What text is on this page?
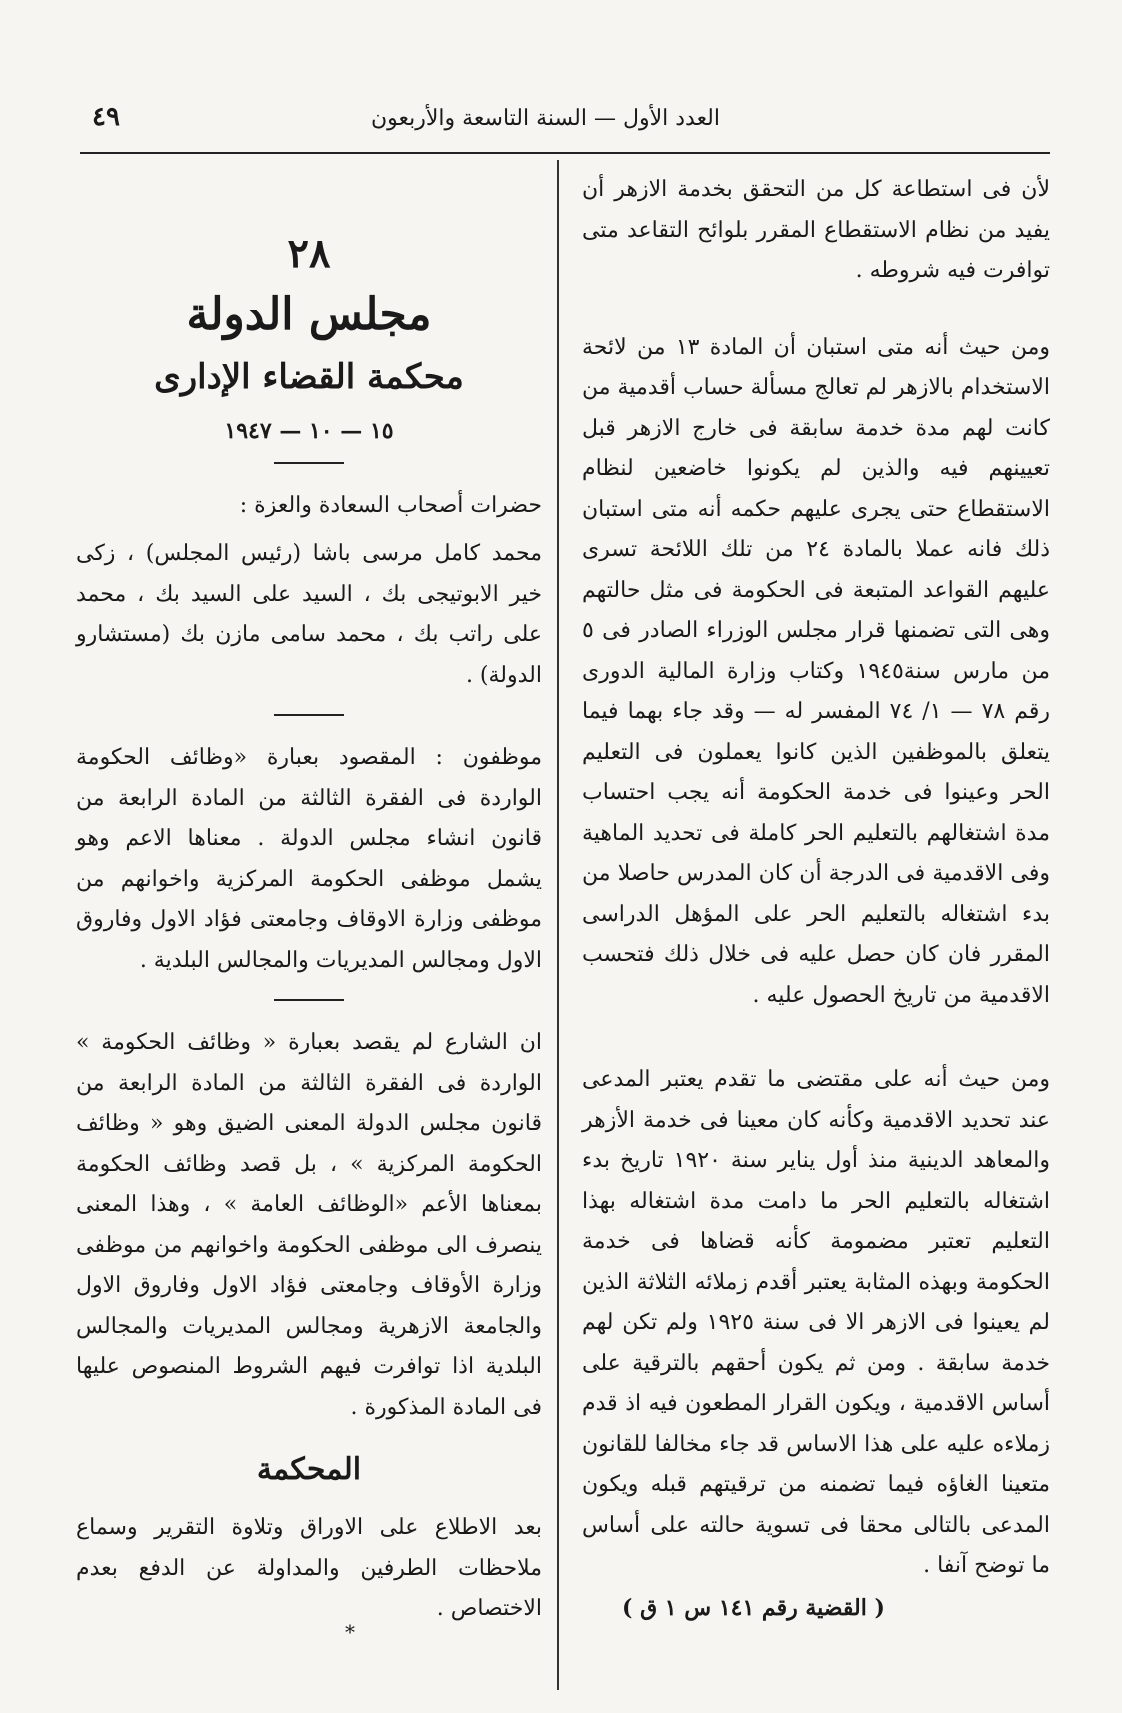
العدد الأول — السنة التاسعة والأربعون
٤٩

لأن فى استطاعة كل من التحقق بخدمة الازهر أن يفيد من نظام الاستقطاع المقرر بلوائح التقاعد متى توافرت فيه شروطه .

ومن حيث أنه متى استبان أن المادة ١٣ من لائحة الاستخدام بالازهر لم تعالج مسألة حساب أقدمية من كانت لهم مدة خدمة سابقة فى خارج الازهر قبل تعيينهم فيه والذين لم يكونوا خاضعين لنظام الاستقطاع حتى يجرى عليهم حكمه أنه متى استبان ذلك فانه عملا بالمادة ٢٤ من تلك اللائحة تسرى عليهم القواعد المتبعة فى الحكومة فى مثل حالتهم وهى التى تضمنها قرار مجلس الوزراء الصادر فى ٥ من مارس سنة١٩٤٥ وكتاب وزارة المالية الدورى رقم ٧٨ — ١/ ٧٤ المفسر له — وقد جاء بهما فيما يتعلق بالموظفين الذين كانوا يعملون فى التعليم الحر وعينوا فى خدمة الحكومة أنه يجب احتساب مدة اشتغالهم بالتعليم الحر كاملة فى تحديد الماهية وفى الاقدمية فى الدرجة أن كان المدرس حاصلا من بدء اشتغاله بالتعليم الحر على المؤهل الدراسى المقرر فان كان حصل عليه فى خلال ذلك فتحسب الاقدمية من تاريخ الحصول عليه .

ومن حيث أنه على مقتضى ما تقدم يعتبر المدعى عند تحديد الاقدمية وكأنه كان معينا فى خدمة الأزهر والمعاهد الدينية منذ أول يناير سنة ١٩٢٠ تاريخ بدء اشتغاله بالتعليم الحر ما دامت مدة اشتغاله بهذا التعليم تعتبر مضمومة كأنه قضاها فى خدمة الحكومة وبهذه المثابة يعتبر أقدم زملائه الثلاثة الذين لم يعينوا فى الازهر الا فى سنة ١٩٢٥ ولم تكن لهم خدمة سابقة . ومن ثم يكون أحقهم بالترقية على أساس الاقدمية ، ويكون القرار المطعون فيه اذ قدم زملاءه عليه على هذا الاساس قد جاء مخالفا للقانون متعينا الغاؤه فيما تضمنه من ترقيتهم قبله ويكون المدعى بالتالى محقا فى تسوية حالته على أساس ما توضح آنفا .

( القضية رقم ١٤١ س ١ ق )

٢٨
مجلس الدولة
محكمة القضاء الإدارى
١٥ — ١٠ — ١٩٤٧

حضرات أصحاب السعادة والعزة :

محمد كامل مرسى باشا (رئيس المجلس) ، زكى خير الابوتيجى بك ، السيد على السيد بك ، محمد على راتب بك ، محمد سامى مازن بك (مستشارو الدولة) .

موظفون : المقصود بعبارة «وظائف الحكومة الواردة فى الفقرة الثالثة من المادة الرابعة من قانون انشاء مجلس الدولة . معناها الاعم وهو يشمل موظفى الحكومة المركزية واخوانهم من موظفى وزارة الاوقاف وجامعتى فؤاد الاول وفاروق الاول ومجالس المديريات والمجالس البلدية .

ان الشارع لم يقصد بعبارة « وظائف الحكومة » الواردة فى الفقرة الثالثة من المادة الرابعة من قانون مجلس الدولة المعنى الضيق وهو « وظائف الحكومة المركزية » ، بل قصد وظائف الحكومة بمعناها الأعم «الوظائف العامة » ، وهذا المعنى ينصرف الى موظفى الحكومة واخوانهم من موظفى وزارة الأوقاف وجامعتى فؤاد الاول وفاروق الاول والجامعة الازهرية ومجالس المديريات والمجالس البلدية اذا توافرت فيهم الشروط المنصوص عليها فى المادة المذكورة .

المحكمة

بعد الاطلاع على الاوراق وتلاوة التقرير وسماع ملاحظات الطرفين والمداولة عن الدفع بعدم الاختصاص .

*
